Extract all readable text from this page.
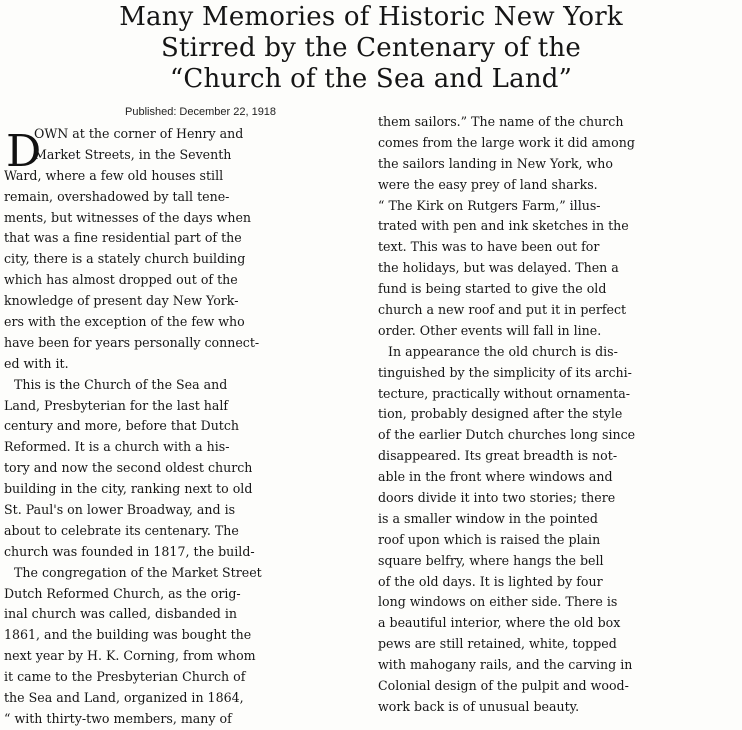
Many Memories of Historic New York
Stirred by the Centenary of the
“Church of the Sea and Land”
Published: December 22, 1918
D
OWN at the corner of Henry and
Market Streets, in the Seventh
Ward, where a few old houses still
remain, overshadowed by tall tene-
ments, but witnesses of the days when
that was a fine residential part of the
city, there is a stately church building
which has almost dropped out of the
knowledge of present day New York-
ers with the exception of the few who
have been for years personally connect-
ed with it.
This is the Church of the Sea and
Land, Presbyterian for the last half
century and more, before that Dutch
Reformed. It is a church with a his-
tory and now the second oldest church
building in the city, ranking next to old
St. Paul's on lower Broadway, and is
about to celebrate its centenary. The
church was founded in 1817, the build-
The congregation of the Market Street
Dutch Reformed Church, as the orig-
inal church was called, disbanded in
1861, and the building was bought the
next year by H. K. Corning, from whom
it came to the Presbyterian Church of
the Sea and Land, organized in 1864,
“ with thirty-two members, many of
them sailors.” The name of the church
comes from the large work it did among
the sailors landing in New York, who
were the easy prey of land sharks.
“ The Kirk on Rutgers Farm,” illus-
trated with pen and ink sketches in the
text. This was to have been out for
the holidays, but was delayed. Then a
fund is being started to give the old
church a new roof and put it in perfect
order. Other events will fall in line.
In appearance the old church is dis-
tinguished by the simplicity of its archi-
tecture, practically without ornamenta-
tion, probably designed after the style
of the earlier Dutch churches long since
disappeared. Its great breadth is not-
able in the front where windows and
doors divide it into two stories; there
is a smaller window in the pointed
roof upon which is raised the plain
square belfry, where hangs the bell
of the old days. It is lighted by four
long windows on either side. There is
a beautiful interior, where the old box
pews are still retained, white, topped
with mahogany rails, and the carving in
Colonial design of the pulpit and wood-
work back is of unusual beauty.
